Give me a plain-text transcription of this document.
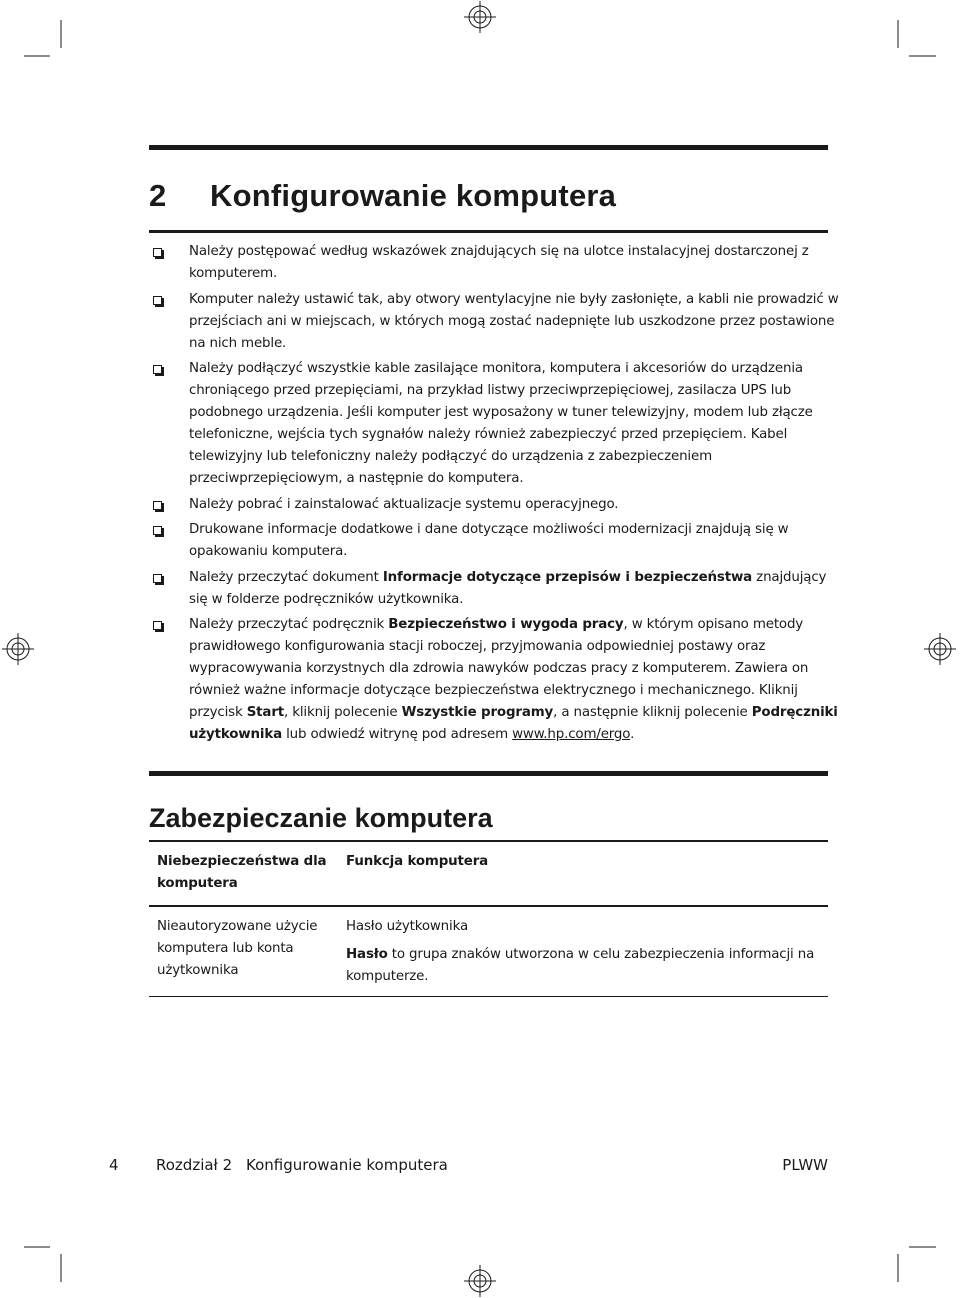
2 Konfigurowanie komputera
Należy postępować według wskazówek znajdujących się na ulotce instalacyjnej dostarczonej z komputerem.
Komputer należy ustawić tak, aby otwory wentylacyjne nie były zasłonięte, a kabli nie prowadzić w przejściach ani w miejscach, w których mogą zostać nadepnięte lub uszkodzone przez postawione na nich meble.
Należy podłączyć wszystkie kable zasilające monitora, komputera i akcesoriów do urządzenia chroniącego przed przepięciami, na przykład listwy przeciwprzepięciowej, zasilacza UPS lub podobnego urządzenia. Jeśli komputer jest wyposażony w tuner telewizyjny, modem lub złącze telefoniczne, wejścia tych sygnałów należy również zabezpieczyć przed przepięciem. Kabel telewizyjny lub telefoniczny należy podłączyć do urządzenia z zabezpieczeniem przeciwprzepięciowym, a następnie do komputera.
Należy pobrać i zainstalować aktualizacje systemu operacyjnego.
Drukowane informacje dodatkowe i dane dotyczące możliwości modernizacji znajdują się w opakowaniu komputera.
Należy przeczytać dokument Informacje dotyczące przepisów i bezpieczeństwa znajdujący się w folderze podręczników użytkownika.
Należy przeczytać podręcznik Bezpieczeństwo i wygoda pracy, w którym opisano metody prawidłowego konfigurowania stacji roboczej, przyjmowania odpowiedniej postawy oraz wypracowywania korzystnych dla zdrowia nawyków podczas pracy z komputerem. Zawiera on również ważne informacje dotyczące bezpieczeństwa elektrycznego i mechanicznego. Kliknij przycisk Start, kliknij polecenie Wszystkie programy, a następnie kliknij polecenie Podręczniki użytkownika lub odwiedź witrynę pod adresem www.hp.com/ergo.
Zabezpieczanie komputera
Niebezpieczeństwa dla komputera
Funkcja komputera
Nieautoryzowane użycie komputera lub konta użytkownika
Hasło użytkownika
Hasło to grupa znaków utworzona w celu zabezpieczenia informacji na komputerze.
4 Rozdział 2 Konfigurowanie komputera	PLWW
